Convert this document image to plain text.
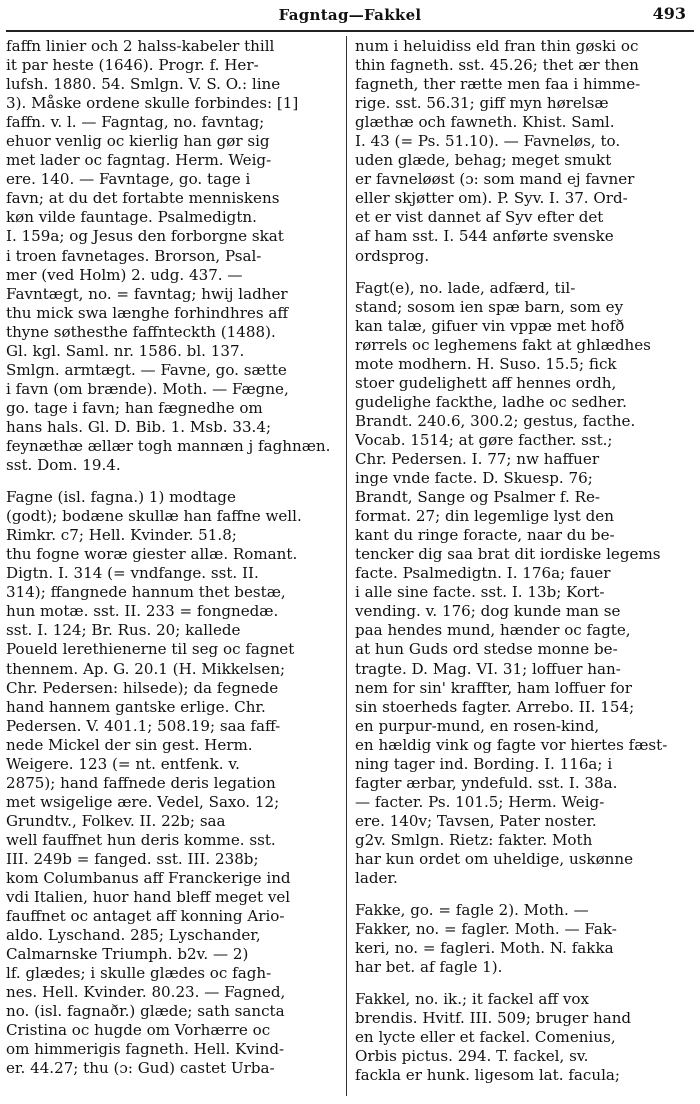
Fagntag—Fakkel	493
faffn linier och 2 halss-kabeler thill
it par heste (1646). Progr. f. Her-
lufsh. 1880. 54. Smlgn. V. S. O.: line
3). Måske ordene skulle forbindes: [1]
faffn. v. l. — Fagntag, no. favntag;
ehuor venlig oc kierlig han gør sig
met lader oc fagntag. Herm. Weig-
ere. 140. — Favntage, go. tage i
favn; at du det fortabte menniskens
køn vilde fauntage. Psalmedigtn.
I. 159a; og Jesus den forborgne skat
i troen favnetages. Brorson, Psal-
mer (ved Holm) 2. udg. 437. —
Favntægt, no. = favntag; hwij ladher
thu mick swa længhe forhindhres aff
thyne søthesthe faffnteckth (1488).
Gl. kgl. Saml. nr. 1586. bl. 137.
Smlgn. armtægt. — Favne, go. sætte
i favn (om brænde). Moth. — Fægne,
go. tage i favn; han fægnedhe om
hans hals. Gl. D. Bib. 1. Msb. 33.4;
feynæthæ ællær togh mannæn j faghnæn.
sst. Dom. 19.4.
Fagne (isl. fagna.) 1) modtage
(godt); bodæne skullæ han faffne well.
Rimkr. c7; Hell. Kvinder. 51.8;
thu fogne woræ giester allæ. Romant.
Digtn. I. 314 (= vndfange. sst. II.
314); ffangnede hannum thet bestæ,
hun motæ. sst. II. 233 = fongnedæ.
sst. I. 124; Br. Rus. 20; kallede
Poueld lerethienerne til seg oc fagnet
thennem. Ap. G. 20.1 (H. Mikkelsen;
Chr. Pedersen: hilsede); da fegnede
hand hannem gantske erlige. Chr.
Pedersen. V. 401.1; 508.19; saa faff-
nede Mickel der sin gest. Herm.
Weigere. 123 (= nt. entfenk. v.
2875); hand faffnede deris legation
met wsigelige ære. Vedel, Saxo. 12;
Grundtv., Folkev. II. 22b; saa
well fauffnet hun deris komme. sst.
III. 249b = fanged. sst. III. 238b;
kom Columbanus aff Franckerige ind
vdi Italien, huor hand bleff meget vel
fauffnet oc antaget aff konning Ario-
aldo. Lyschand. 285; Lyschander,
Calmarnske Triumph. b2v. — 2)
lf. glædes; i skulle glædes oc fagh-
nes. Hell. Kvinder. 80.23. — Fagned,
no. (isl. fagnaðr.) glæde; sath sancta
Cristina oc hugde om Vorhærre oc
om himmerigis fagneth. Hell. Kvind-
er. 44.27; thu (ɔ: Gud) castet Urba-
num i heluidiss eld fran thin gøski oc
thin fagneth. sst. 45.26; thet ær then
fagneth, ther rætte men faa i himme-
rige. sst. 56.31; giff myn hørelsæ
glæthæ och fawneth. Khist. Saml.
I. 43 (= Ps. 51.10). — Favneløs, to.
uden glæde, behag; meget smukt
er favneløøst (ɔ: som mand ej favner
eller skjøtter om). P. Syv. I. 37. Ord-
et er vist dannet af Syv efter det
af ham sst. I. 544 anførte svenske
ordsprog.
Fagt(e), no. lade, adfærd, til-
stand; sosom ien spæ barn, som ey
kan talæ, gifuer vin vppæ met hofð
rørrels oc leghemens fakt at ghlædhes
mote modhern. H. Suso. 15.5; fick
stoer gudelighett aff hennes ordh,
gudelighe fackthe, ladhe oc sedher.
Brandt. 240.6, 300.2; gestus, facthe.
Vocab. 1514; at gøre facther. sst.;
Chr. Pedersen. I. 77; nw haffuer
inge vnde facte. D. Skuesp. 76;
Brandt, Sange og Psalmer f. Re-
format. 27; din legemlige lyst den
kant du ringe foracte, naar du be-
tencker dig saa brat dit iordiske legems
facte. Psalmedigtn. I. 176a; fauer
i alle sine facte. sst. I. 13b; Kort-
vending. v. 176; dog kunde man se
paa hendes mund, hænder oc fagte,
at hun Guds ord stedse monne be-
tragte. D. Mag. VI. 31; loffuer han-
nem for sin' kraffter, ham loffuer for
sin stoerheds fagter. Arrebo. II. 154;
en purpur-mund, en rosen-kind,
en hældig vink og fagte vor hiertes fæst-
ning tager ind. Bording. I. 116a; i
fagter ærbar, yndefuld. sst. I. 38a.
— facter. Ps. 101.5; Herm. Weig-
ere. 140v; Tavsen, Pater noster.
g2v. Smlgn. Rietz: fakter. Moth
har kun ordet om uheldige, uskønne
lader.
Fakke, go. = fagle 2). Moth. —
Fakker, no. = fagler. Moth. — Fak-
keri, no. = fagleri. Moth. N. fakka
har bet. af fagle 1).
Fakkel, no. ik.; it fackel aff vox
brendis. Hvitf. III. 509; bruger hand
en lycte eller et fackel. Comenius,
Orbis pictus. 294. T. fackel, sv.
fackla er hunk. ligesom lat. facula;
